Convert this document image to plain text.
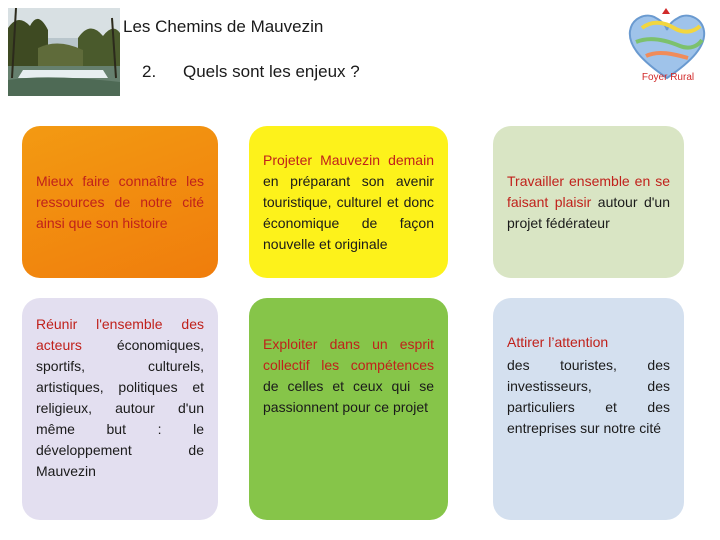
Les Chemins de Mauvezin
2. Quels sont les enjeux ?	Foyer Rural

Mieux faire connaître les ressources de notre cité ainsi que son histoire

Projeter Mauvezin demain en préparant son avenir touristique, culturel et donc économique de façon nouvelle et originale

Travailler ensemble en se faisant plaisir autour d'un projet fédérateur

Réunir l'ensemble des acteurs économiques, sportifs, culturels, artistiques, politiques et religieux, autour d'un même but : le développement de Mauvezin

Exploiter dans un esprit collectif les compétences de celles et ceux qui se passionnent pour ce projet

Attirer l’attention

des touristes, des investisseurs, des particuliers et des entreprises sur notre cité
